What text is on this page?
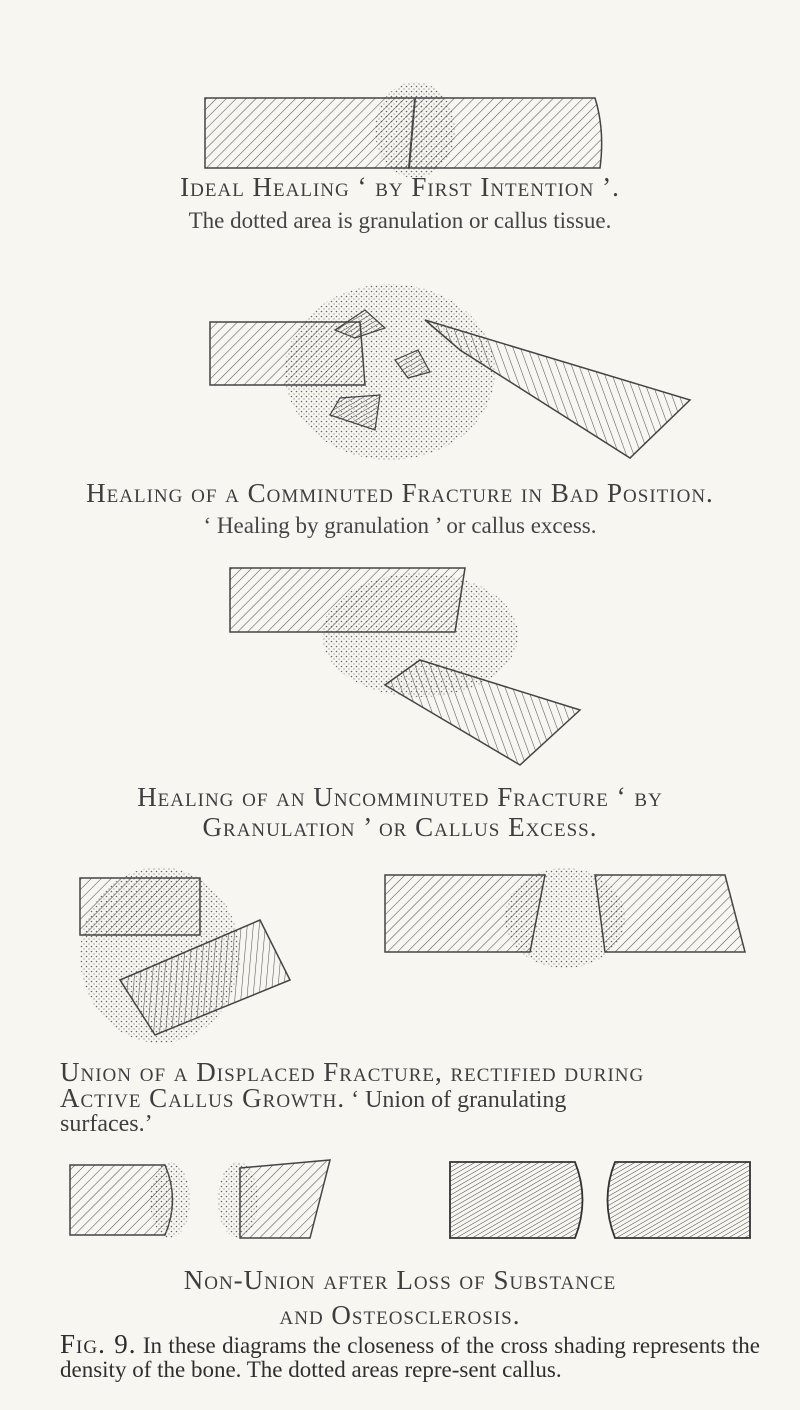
Ideal Healing ‘ by First Intention ’.
The dotted area is granulation or callus tissue.
Healing of a Comminuted Fracture in Bad Position.
‘ Healing by granulation ’ or callus excess.
Healing of an Uncomminuted Fracture ‘ by
Granulation ’ or Callus Excess.
Union of a Displaced Fracture, rectified during
Active Callus Growth. ‘ Union of granulating
surfaces.’
Non-Union after Loss of Substance
and Osteosclerosis.
Fig. 9. In these diagrams the closeness of the cross shading represents the density of the bone. The dotted areas repre-sent callus.
